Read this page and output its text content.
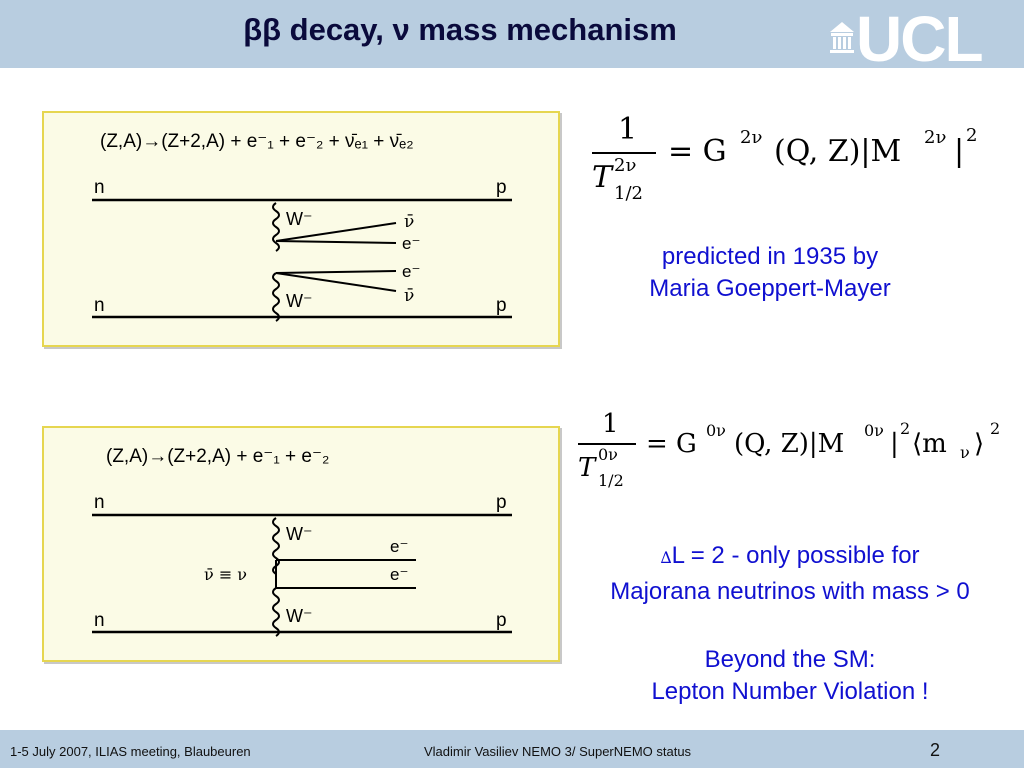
ββ decay, ν mass mechanism	UCL
(Z,A)→(Z+2,A) + e⁻₁ + e⁻₂ + ν̄ₑ₁ + ν̄ₑ₂
n	p
W⁻	ν̄
e⁻
e⁻
ν̄
W⁻
n	p
(Z,A)→(Z+2,A) + e⁻₁ + e⁻₂
n	p
W⁻
e⁻
ν̄ ≡ ν	e⁻
W⁻
n	p
1
T 2ν
1/2
= G 2ν (Q, Z)|M 2ν | 2
1
T 0ν
1/2
= G 0ν (Q, Z)|M 0ν |
2
⟨m ν ⟩
2
predicted in 1935 by
Maria Goeppert-Mayer
∆L = 2 - only possible for
Majorana neutrinos with mass > 0
Beyond the SM:
Lepton Number Violation !
1-5 July 2007, ILIAS meeting, Blaubeuren	Vladimir Vasiliev NEMO 3/ SuperNEMO status	2
